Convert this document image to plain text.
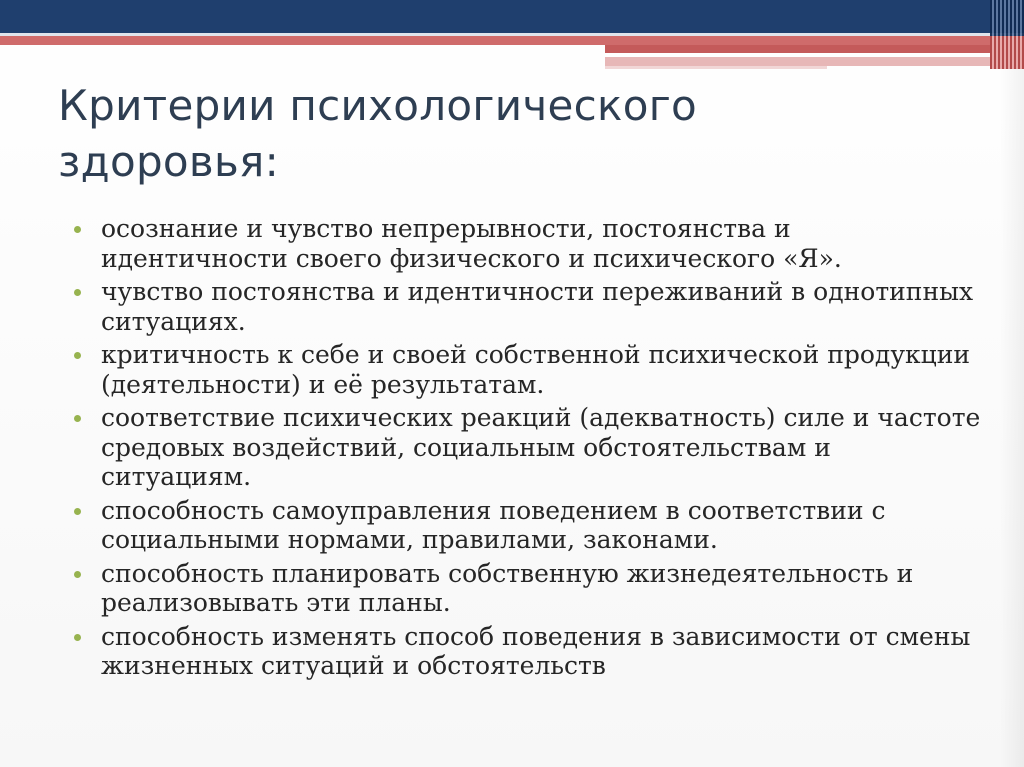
Критерии психологического здоровья:
осознание и чувство непрерывности, постоянства и идентичности своего физического и психического «Я».
чувство постоянства и идентичности переживаний в однотипных ситуациях.
критичность к себе и своей собственной психической продукции (деятельности) и её результатам.
соответствие психических реакций (адекватность) силе и частоте средовых воздействий, социальным обстоятельствам и ситуациям.
способность самоуправления поведением в соответствии с социальными нормами, правилами, законами.
способность планировать собственную жизнедеятельность и реализовывать эти планы.
способность изменять способ поведения в зависимости от смены жизненных ситуаций и обстоятельств
